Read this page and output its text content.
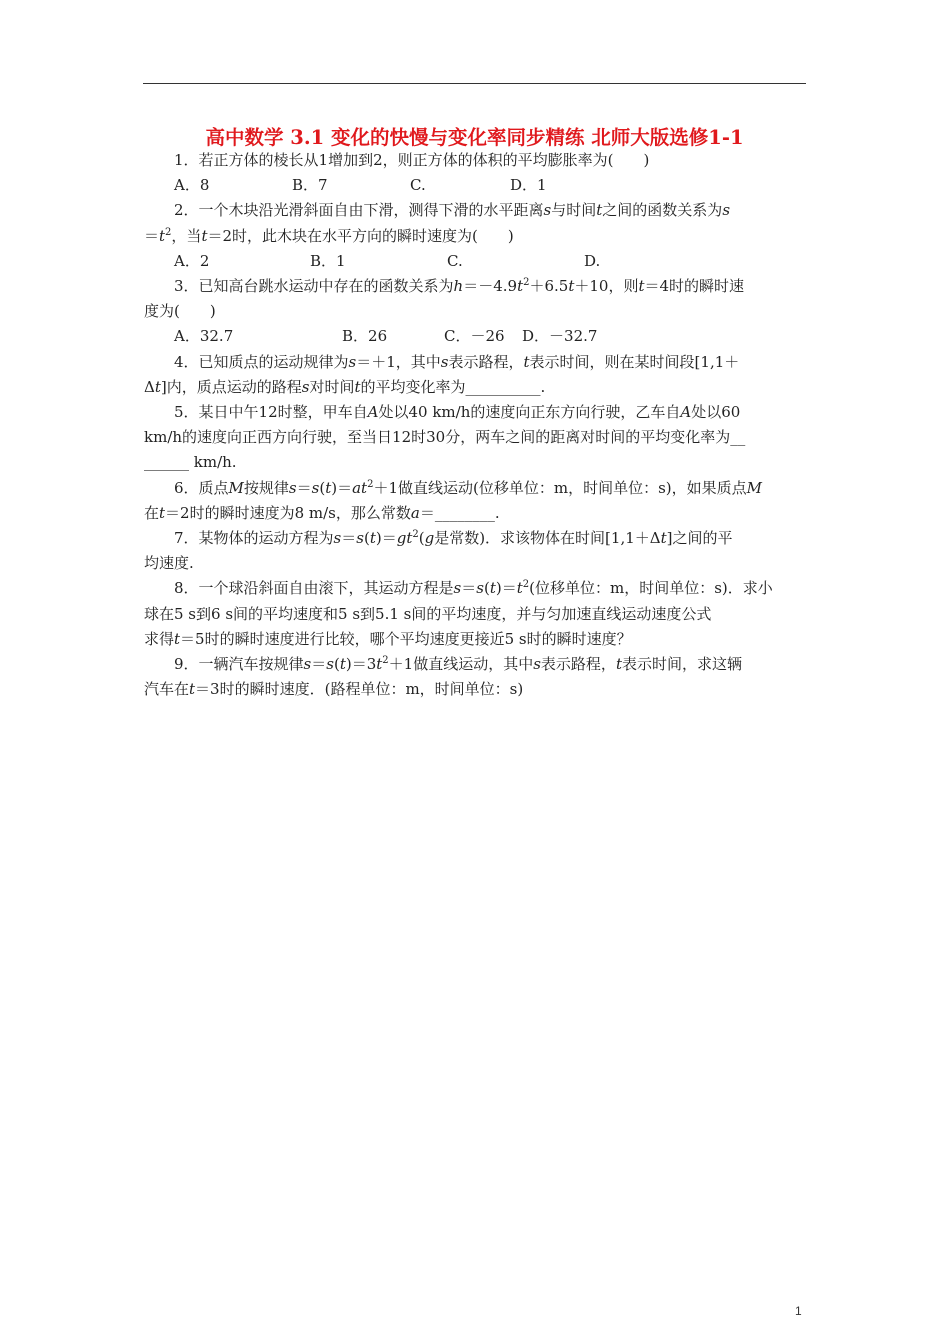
高中数学 3.1 变化的快慢与变化率同步精练 北师大版选修1-1

1．若正方体的棱长从1增加到2，则正方体的体积的平均膨胀率为(　　)

A．8	B．7	C.	D．1

2．一个木块沿光滑斜面自由下滑，测得下滑的水平距离s与时间t之间的函数关系为s

$=t^2$，当t＝2时，此木块在水平方向的瞬时速度为(　　)

A．2	B．1	C.	D.

3．已知高台跳水运动中存在的函数关系为$h=-4.9t^2+6.5t+10$，则t＝4时的瞬时速

度为(　　)

A．32.7	B．26	C．－26 D．－32.7

4．已知质点的运动规律为s＝＋1，其中s表示路程，t表示时间，则在某时间段[1,1＋

Δt]内，质点运动的路程s对时间t的平均变化率为__________.

5．某日中午12时整，甲车自A处以40 km/h的速度向正东方向行驶，乙车自A处以60

km/h的速度向正西方向行驶，至当日12时30分，两车之间的距离对时间的平均变化率为__

______ km/h.

6．质点M按规律$s=s(t)=at^2+1$做直线运动(位移单位：m，时间单位：s)，如果质点M

在t＝2时的瞬时速度为8 m/s，那么常数a＝________.

7．某物体的运动方程为$s=s(t)=gt^2(g$是常数)．求该物体在时间[1,1＋Δt]之间的平

均速度.

8．一个球沿斜面自由滚下，其运动方程是$s=s(t)=t^2$(位移单位：m，时间单位：s)．求小

球在5 s到6 s间的平均速度和5 s到5.1 s间的平均速度，并与匀加速直线运动速度公式

求得t＝5时的瞬时速度进行比较，哪个平均速度更接近5 s时的瞬时速度？

9．一辆汽车按规律$s=s(t)=3t^2+1$做直线运动，其中s表示路程，t表示时间，求这辆

汽车在t＝3时的瞬时速度．(路程单位：m，时间单位：s)

1
